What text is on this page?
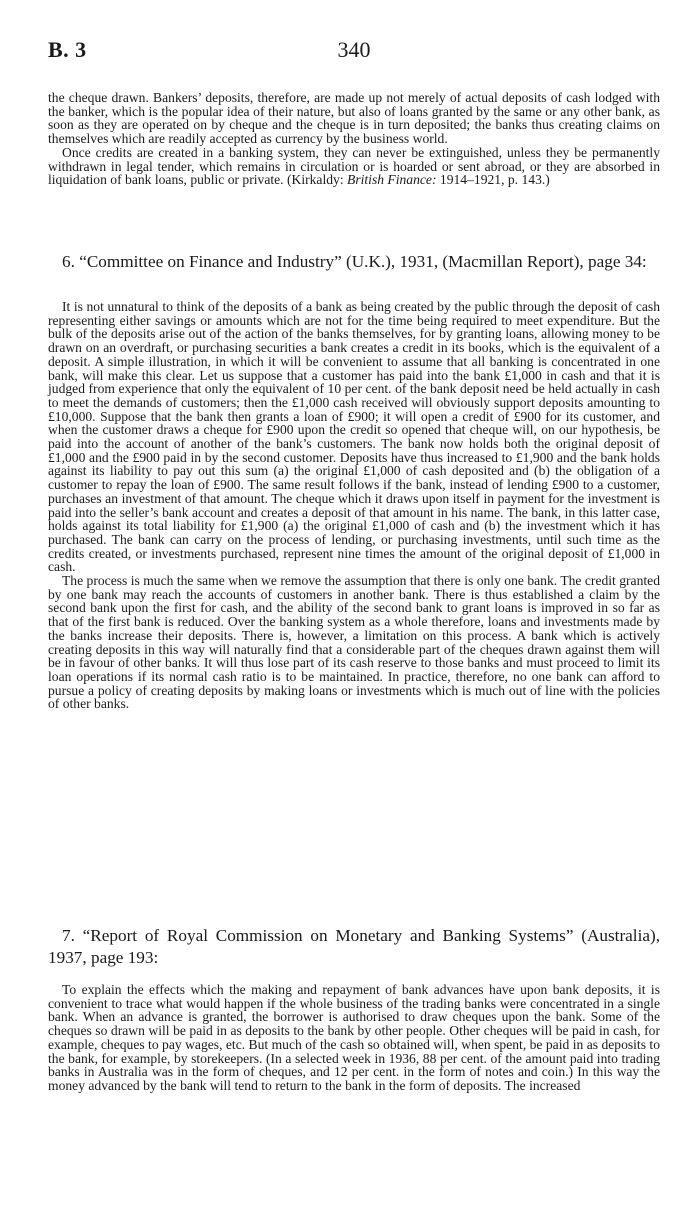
B. 3	340

the cheque drawn. Bankers’ deposits, therefore, are made up not merely of actual deposits of cash lodged with the banker, which is the popular idea of their nature, but also of loans granted by the same or any other bank, as soon as they are operated on by cheque and the cheque is in turn deposited; the banks thus creating claims on themselves which are readily accepted as currency by the business world.

Once credits are created in a banking system, they can never be extinguished, unless they be permanently withdrawn in legal tender, which remains in circulation or is hoarded or sent abroad, or they are absorbed in liquidation of bank loans, public or private. (Kirkaldy: British Finance: 1914–1921, p. 143.)

6. “Committee on Finance and Industry” (U.K.), 1931, (Macmillan Report), page 34:

It is not unnatural to think of the deposits of a bank as being created by the public through the deposit of cash representing either savings or amounts which are not for the time being required to meet expenditure. But the bulk of the deposits arise out of the action of the banks themselves, for by granting loans, allowing money to be drawn on an overdraft, or purchasing securities a bank creates a credit in its books, which is the equivalent of a deposit. A simple illustration, in which it will be convenient to assume that all banking is concentrated in one bank, will make this clear. Let us suppose that a customer has paid into the bank £1,000 in cash and that it is judged from experience that only the equivalent of 10 per cent. of the bank deposit need be held actually in cash to meet the demands of customers; then the £1,000 cash received will obviously support deposits amounting to £10,000. Suppose that the bank then grants a loan of £900; it will open a credit of £900 for its customer, and when the customer draws a cheque for £900 upon the credit so opened that cheque will, on our hypothesis, be paid into the account of another of the bank’s customers. The bank now holds both the original deposit of £1,000 and the £900 paid in by the second customer. Deposits have thus increased to £1,900 and the bank holds against its liability to pay out this sum (a) the original £1,000 of cash deposited and (b) the obligation of a customer to repay the loan of £900. The same result follows if the bank, instead of lending £900 to a customer, purchases an investment of that amount. The cheque which it draws upon itself in payment for the investment is paid into the seller’s bank account and creates a deposit of that amount in his name. The bank, in this latter case, holds against its total liability for £1,900 (a) the original £1,000 of cash and (b) the investment which it has purchased. The bank can carry on the process of lending, or purchasing investments, until such time as the credits created, or investments purchased, represent nine times the amount of the original deposit of £1,000 in cash.

The process is much the same when we remove the assumption that there is only one bank. The credit granted by one bank may reach the accounts of customers in another bank. There is thus established a claim by the second bank upon the first for cash, and the ability of the second bank to grant loans is improved in so far as that of the first bank is reduced. Over the banking system as a whole therefore, loans and investments made by the banks increase their deposits. There is, however, a limitation on this process. A bank which is actively creating deposits in this way will naturally find that a considerable part of the cheques drawn against them will be in favour of other banks. It will thus lose part of its cash reserve to those banks and must proceed to limit its loan operations if its normal cash ratio is to be maintained. In practice, therefore, no one bank can afford to pursue a policy of creating deposits by making loans or investments which is much out of line with the policies of other banks.

7. “Report of Royal Commission on Monetary and Banking Systems” (Australia), 1937, page 193:

To explain the effects which the making and repayment of bank advances have upon bank deposits, it is convenient to trace what would happen if the whole business of the trading banks were concentrated in a single bank. When an advance is granted, the borrower is authorised to draw cheques upon the bank. Some of the cheques so drawn will be paid in as deposits to the bank by other people. Other cheques will be paid in cash, for example, cheques to pay wages, etc. But much of the cash so obtained will, when spent, be paid in as deposits to the bank, for example, by storekeepers. (In a selected week in 1936, 88 per cent. of the amount paid into trading banks in Australia was in the form of cheques, and 12 per cent. in the form of notes and coin.) In this way the money advanced by the bank will tend to return to the bank in the form of deposits. The increased
